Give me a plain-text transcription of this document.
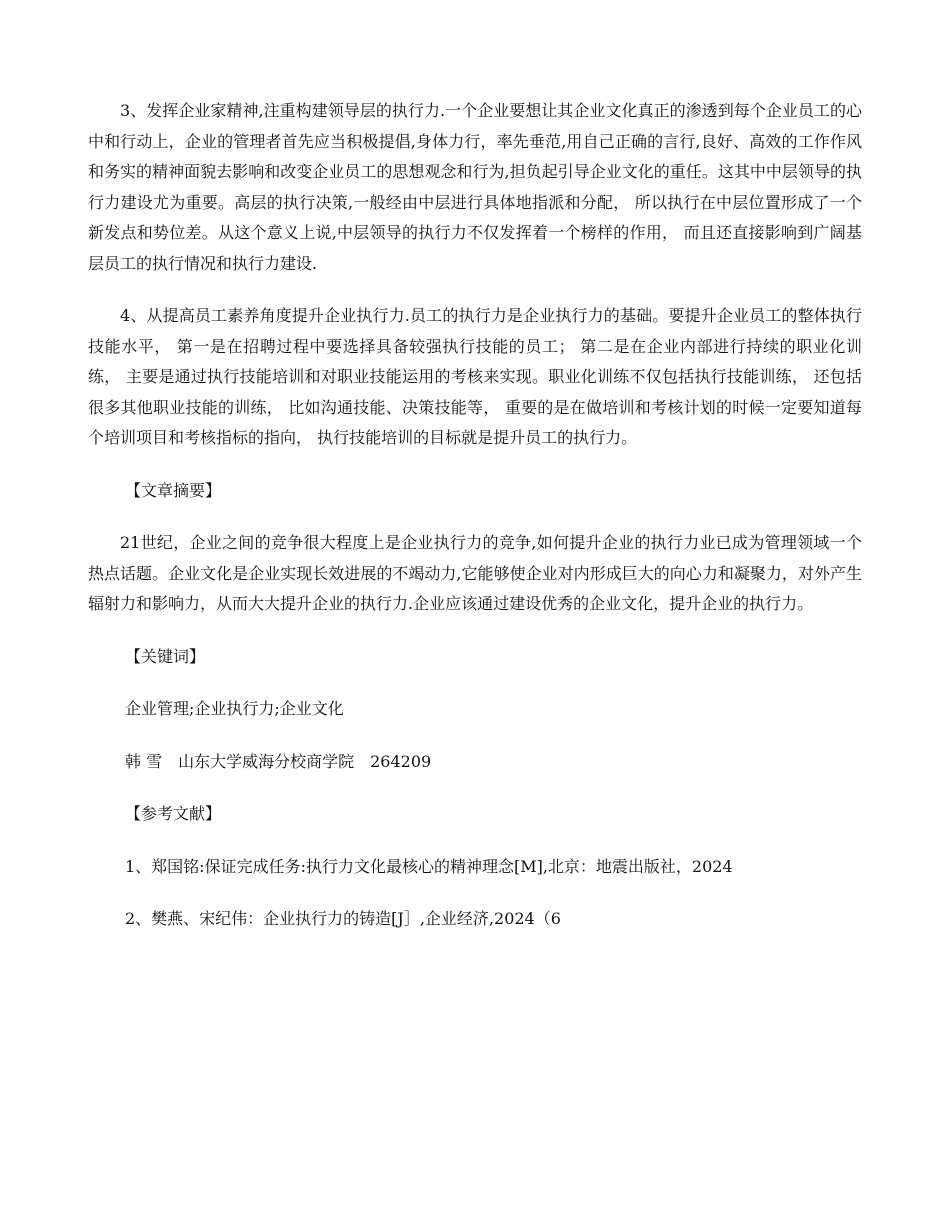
3、发挥企业家精神,注重构建领导层的执行力.一个企业要想让其企业文化真正的渗透到每个企业员工的心中和行动上，企业的管理者首先应当积极提倡,身体力行，率先垂范,用自己正确的言行,良好、高效的工作作风和务实的精神面貌去影响和改变企业员工的思想观念和行为,担负起引导企业文化的重任。这其中中层领导的执行力建设尤为重要。高层的执行决策,一般经由中层进行具体地指派和分配， 所以执行在中层位置形成了一个新发点和势位差。从这个意义上说,中层领导的执行力不仅发挥着一个榜样的作用， 而且还直接影响到广阔基层员工的执行情况和执行力建设.

4、从提高员工素养角度提升企业执行力.员工的执行力是企业执行力的基础。要提升企业员工的整体执行技能水平， 第一是在招聘过程中要选择具备较强执行技能的员工； 第二是在企业内部进行持续的职业化训练， 主要是通过执行技能培训和对职业技能运用的考核来实现。职业化训练不仅包括执行技能训练， 还包括很多其他职业技能的训练， 比如沟通技能、决策技能等， 重要的是在做培训和考核计划的时候一定要知道每个培训项目和考核指标的指向， 执行技能培训的目标就是提升员工的执行力。

【文章摘要】

21世纪，企业之间的竞争很大程度上是企业执行力的竞争,如何提升企业的执行力业已成为管理领域一个热点话题。企业文化是企业实现长效进展的不竭动力,它能够使企业对内形成巨大的向心力和凝聚力，对外产生辐射力和影响力，从而大大提升企业的执行力.企业应该通过建设优秀的企业文化，提升企业的执行力。

【关键词】

企业管理;企业执行力;企业文化

韩 雪 山东大学威海分校商学院 264209

【参考文献】

1、郑国铭:保证完成任务:执行力文化最核心的精神理念[M],北京：地震出版社，2024

2、樊燕、宋纪伟：企业执行力的铸造[J］,企业经济,2024（6
